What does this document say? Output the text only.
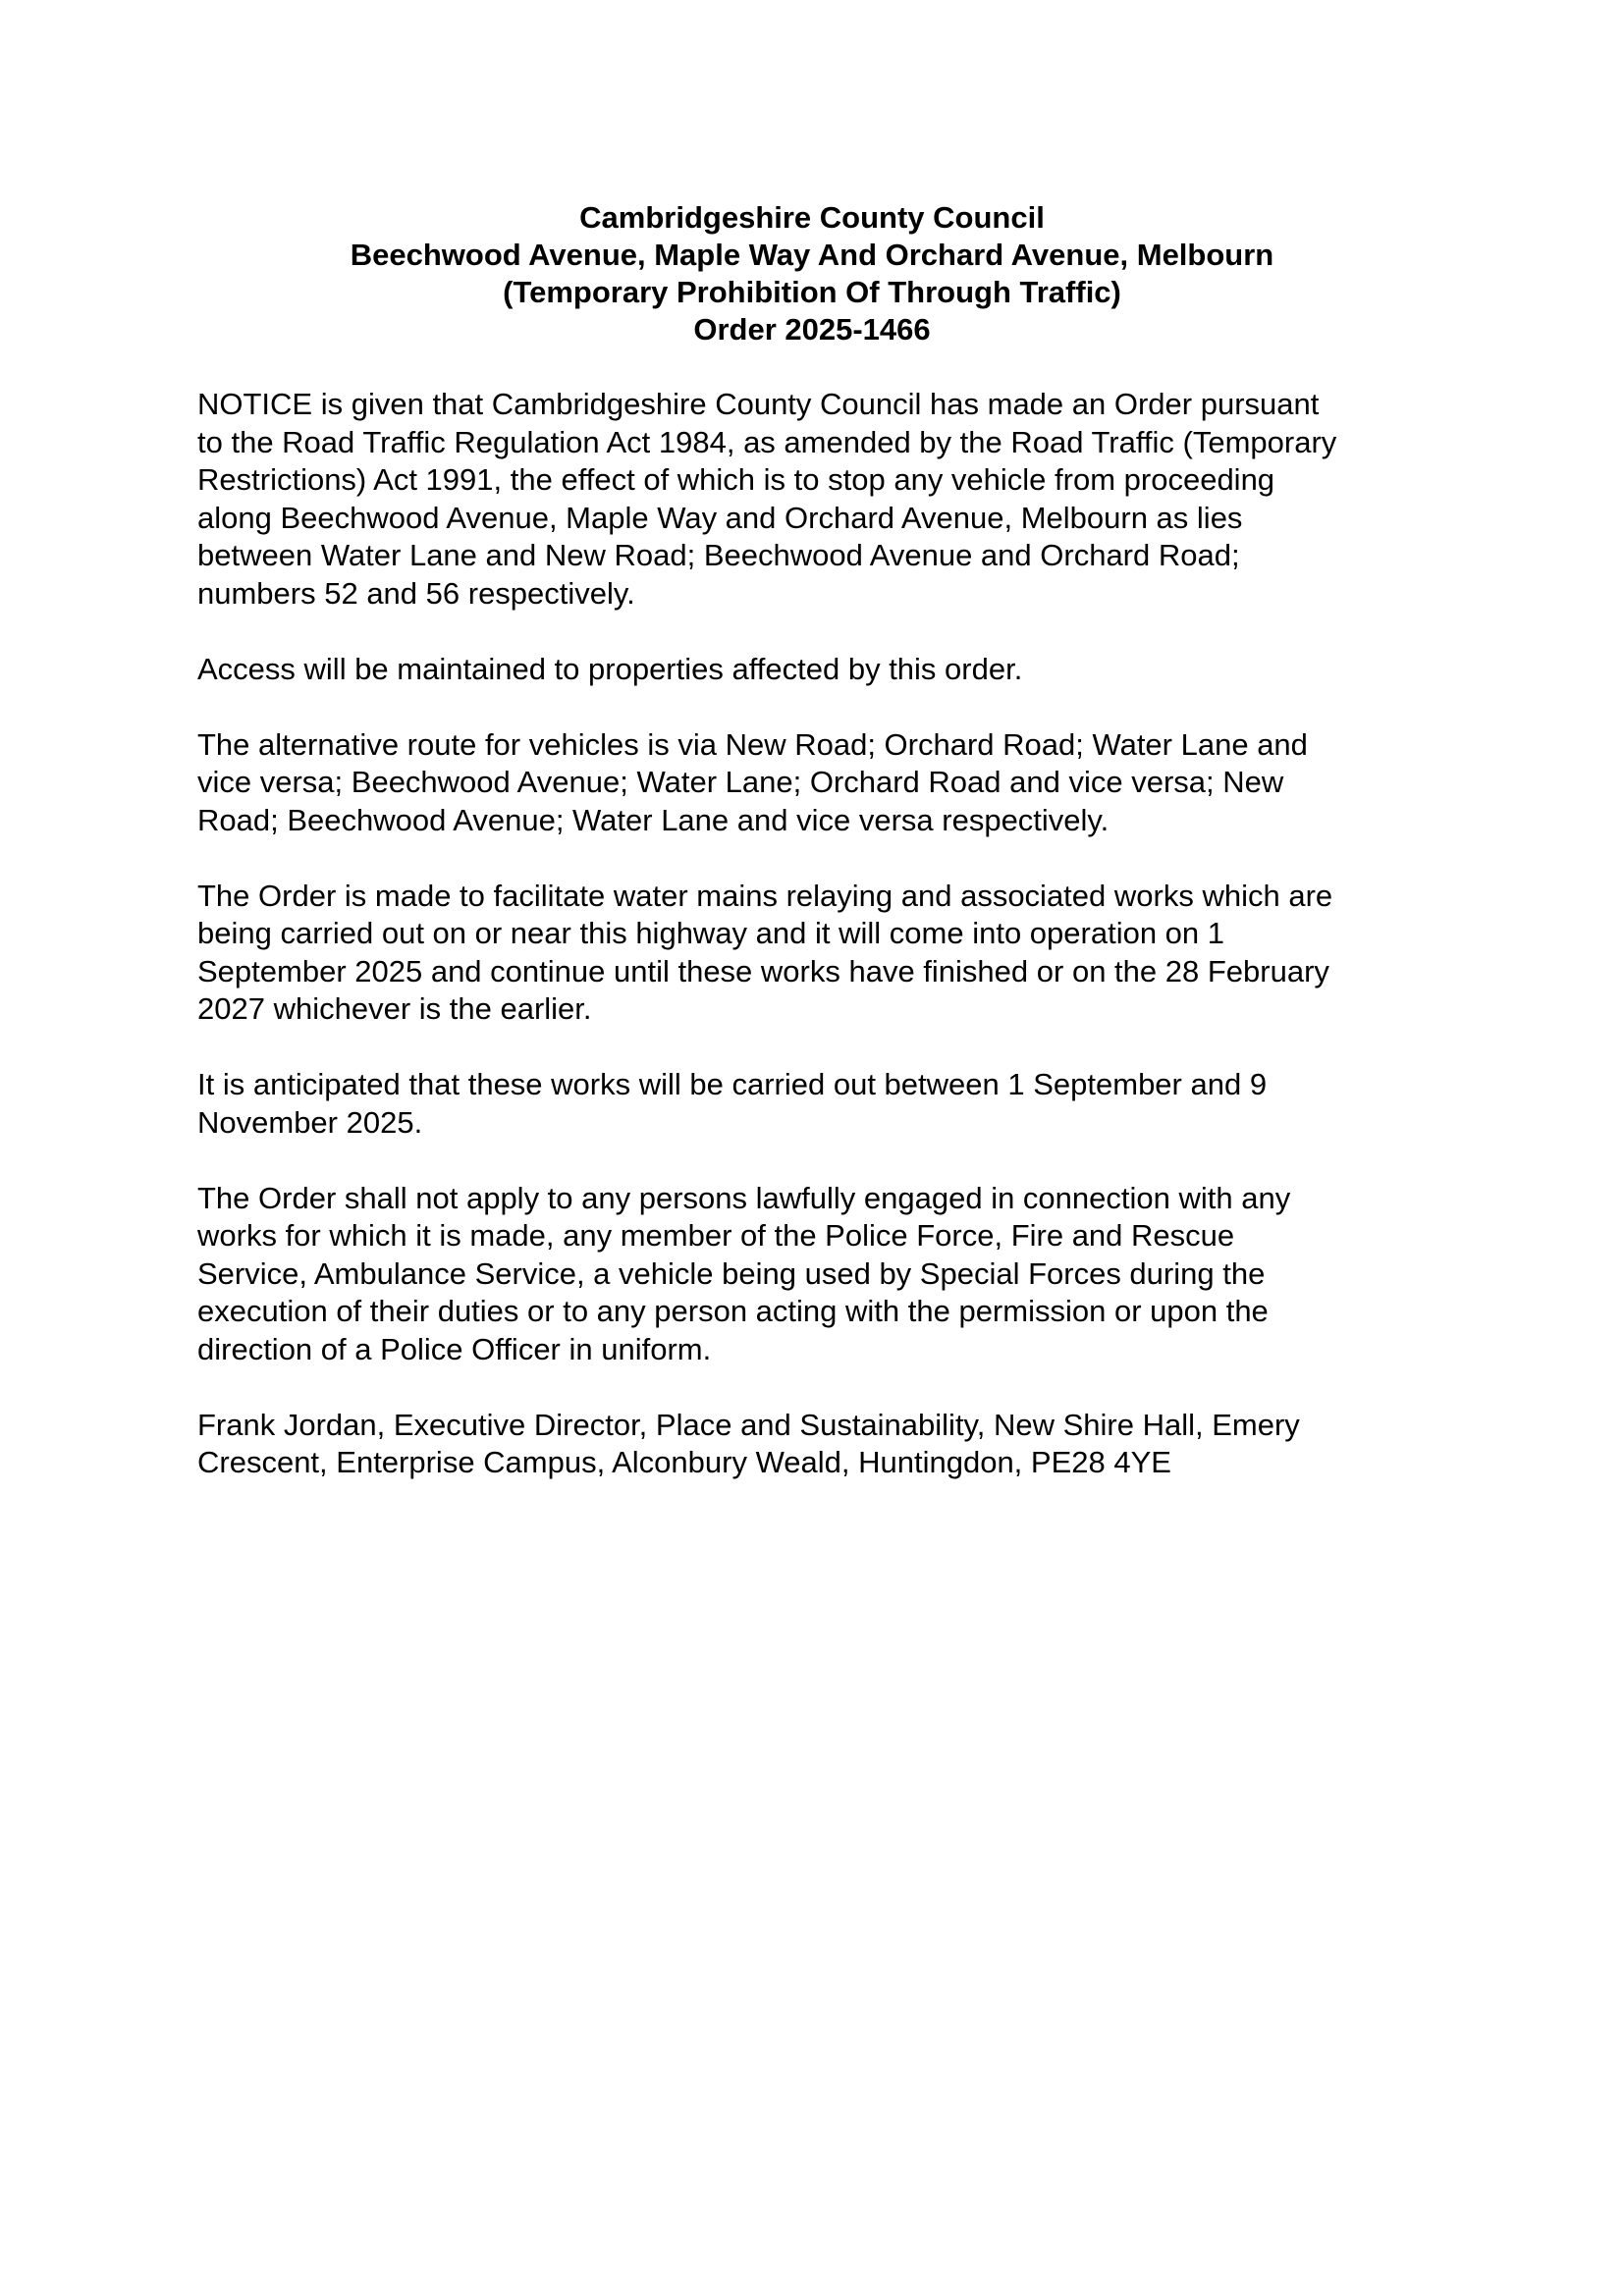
Cambridgeshire County Council
Beechwood Avenue, Maple Way And Orchard Avenue, Melbourn
(Temporary Prohibition Of Through Traffic)
Order 2025-1466

NOTICE is given that Cambridgeshire County Council has made an Order pursuant
to the Road Traffic Regulation Act 1984, as amended by the Road Traffic (Temporary
Restrictions) Act 1991, the effect of which is to stop any vehicle from proceeding
along Beechwood Avenue, Maple Way and Orchard Avenue, Melbourn as lies
between Water Lane and New Road; Beechwood Avenue and Orchard Road;
numbers 52 and 56 respectively.

Access will be maintained to properties affected by this order.

The alternative route for vehicles is via New Road; Orchard Road; Water Lane and
vice versa; Beechwood Avenue; Water Lane; Orchard Road and vice versa; New
Road; Beechwood Avenue; Water Lane and vice versa respectively.

The Order is made to facilitate water mains relaying and associated works which are
being carried out on or near this highway and it will come into operation on 1
September 2025 and continue until these works have finished or on the 28 February
2027 whichever is the earlier.

It is anticipated that these works will be carried out between 1 September and 9
November 2025.

The Order shall not apply to any persons lawfully engaged in connection with any
works for which it is made, any member of the Police Force, Fire and Rescue
Service, Ambulance Service, a vehicle being used by Special Forces during the
execution of their duties or to any person acting with the permission or upon the
direction of a Police Officer in uniform.

Frank Jordan, Executive Director, Place and Sustainability, New Shire Hall, Emery
Crescent, Enterprise Campus, Alconbury Weald, Huntingdon, PE28 4YE
